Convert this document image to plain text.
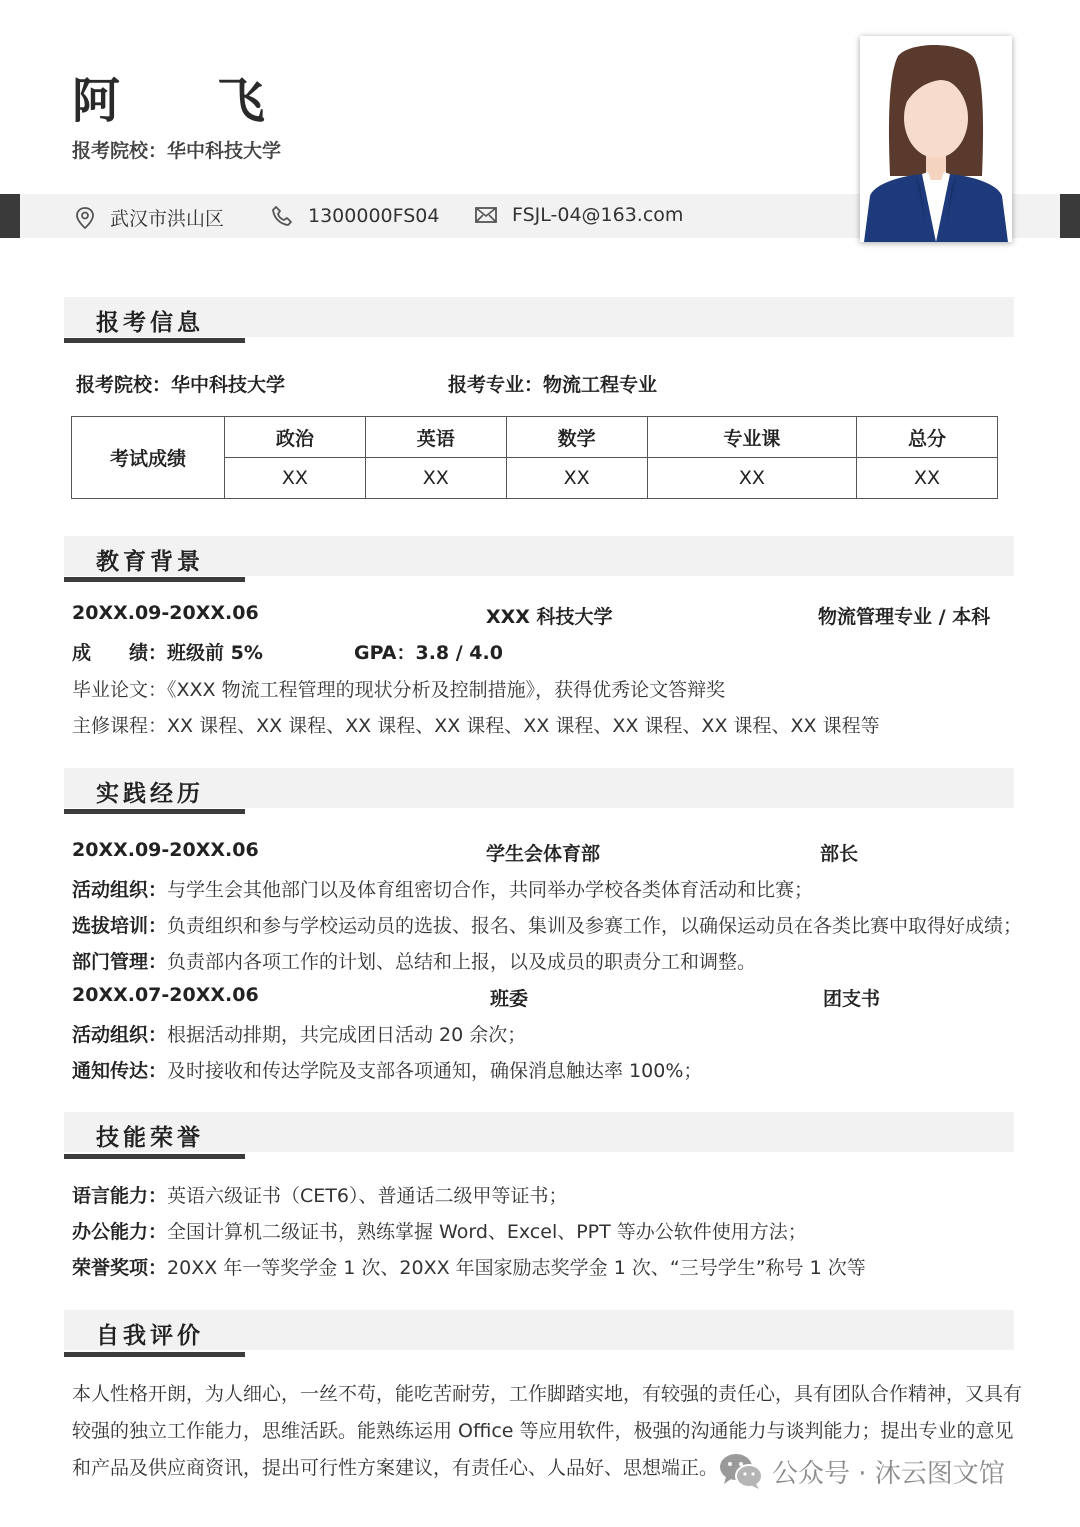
阿 飞
报考院校：华中科技大学
武汉市洪山区	1300000FS04	FSJL-04@163.com
报考信息
报考院校：华中科技大学	报考专业：物流工程专业
考试成绩	政治	英语	数学	专业课	总分
	XX	XX	XX	XX	XX
教育背景
20XX.09-20XX.06	XXX 科技大学	物流管理专业 / 本科
成　　绩：班级前 5%	GPA：3.8 / 4.0
毕业论文：《XXX 物流工程管理的现状分析及控制措施》，获得优秀论文答辩奖
主修课程：XX 课程、XX 课程、XX 课程、XX 课程、XX 课程、XX 课程、XX 课程、XX 课程等
实践经历
20XX.09-20XX.06	学生会体育部	部长
活动组织：与学生会其他部门以及体育组密切合作，共同举办学校各类体育活动和比赛；
选拔培训：负责组织和参与学校运动员的选拔、报名、集训及参赛工作，以确保运动员在各类比赛中取得好成绩；
部门管理：负责部内各项工作的计划、总结和上报，以及成员的职责分工和调整。
20XX.07-20XX.06	班委	团支书
活动组织：根据活动排期，共完成团日活动 20 余次；
通知传达：及时接收和传达学院及支部各项通知，确保消息触达率 100%；
技能荣誉
语言能力：英语六级证书（CET6）、普通话二级甲等证书；
办公能力：全国计算机二级证书，熟练掌握 Word、Excel、PPT 等办公软件使用方法；
荣誉奖项：20XX 年一等奖学金 1 次、20XX 年国家励志奖学金 1 次、“三号学生”称号 1 次等
自我评价
本人性格开朗，为人细心，一丝不苟，能吃苦耐劳，工作脚踏实地，有较强的责任心，具有团队合作精神，又具有较强的独立工作能力，思维活跃。能熟练运用 Office 等应用软件，极强的沟通能力与谈判能力；提出专业的意见和产品及供应商资讯，提出可行性方案建议，有责任心、人品好、思想端正。	公众号 · 沐云图文馆
